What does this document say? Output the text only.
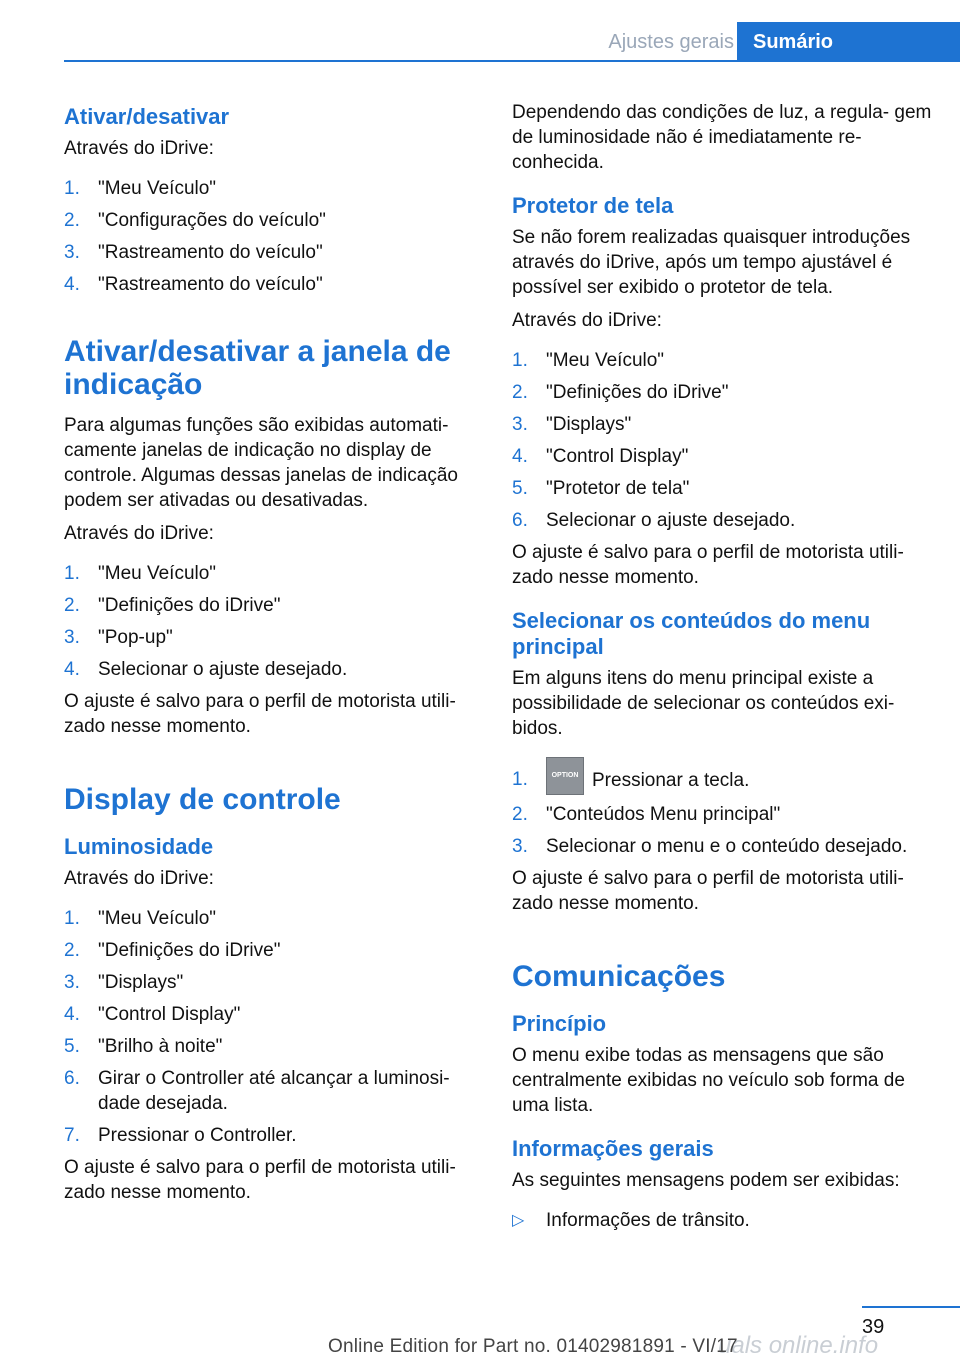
Ajustes gerais Sumário
Ativar/desativar

Através do iDrive:

1. "Meu Veículo"
2. "Configurações do veículo"
3. "Rastreamento do veículo"
4. "Rastreamento do veículo"
Ativar/desativar a janela de indicação

Para algumas funções são exibidas automati‐ camente janelas de indicação no display de controle. Algumas dessas janelas de indicação podem ser ativadas ou desativadas.

Através do iDrive:

1. "Meu Veículo"
2. "Definições do iDrive"
3. "Pop-up"
4. Selecionar o ajuste desejado.

O ajuste é salvo para o perfil de motorista utili‐ zado nesse momento.

Display de controle
Luminosidade

Através do iDrive:

1. "Meu Veículo"
2. "Definições do iDrive"
3. "Displays"
4. "Control Display"
5. "Brilho à noite"
6. Girar o Controller até alcançar a luminosi‐ dade desejada.
7. Pressionar o Controller.

O ajuste é salvo para o perfil de motorista utili‐ zado nesse momento.

Dependendo das condições de luz, a regula‐ gem de luminosidade não é imediatamente re‐ conhecida.

Protetor de tela

Se não forem realizadas quaisquer introduções através do iDrive, após um tempo ajustável é possível ser exibido o protetor de tela.

Através do iDrive:

1. "Meu Veículo"
2. "Definições do iDrive"
3. "Displays"
4. "Control Display"
5. "Protetor de tela"
6. Selecionar o ajuste desejado.

O ajuste é salvo para o perfil de motorista utili‐ zado nesse momento.

Selecionar os conteúdos do menu principal

Em alguns itens do menu principal existe a possibilidade de selecionar os conteúdos exi‐ bidos.

1.	OPTION Pressionar a tecla.
2. "Conteúdos Menu principal"
3. Selecionar o menu e o conteúdo desejado.

O ajuste é salvo para o perfil de motorista utili‐ zado nesse momento.

Comunicações
Princípio

O menu exibe todas as mensagens que são centralmente exibidas no veículo sob forma de uma lista.

Informações gerais

As seguintes mensagens podem ser exibidas:

▷	Informações de trânsito.
39
uals online.info
Online Edition for Part no. 01402981891 - VI/17
